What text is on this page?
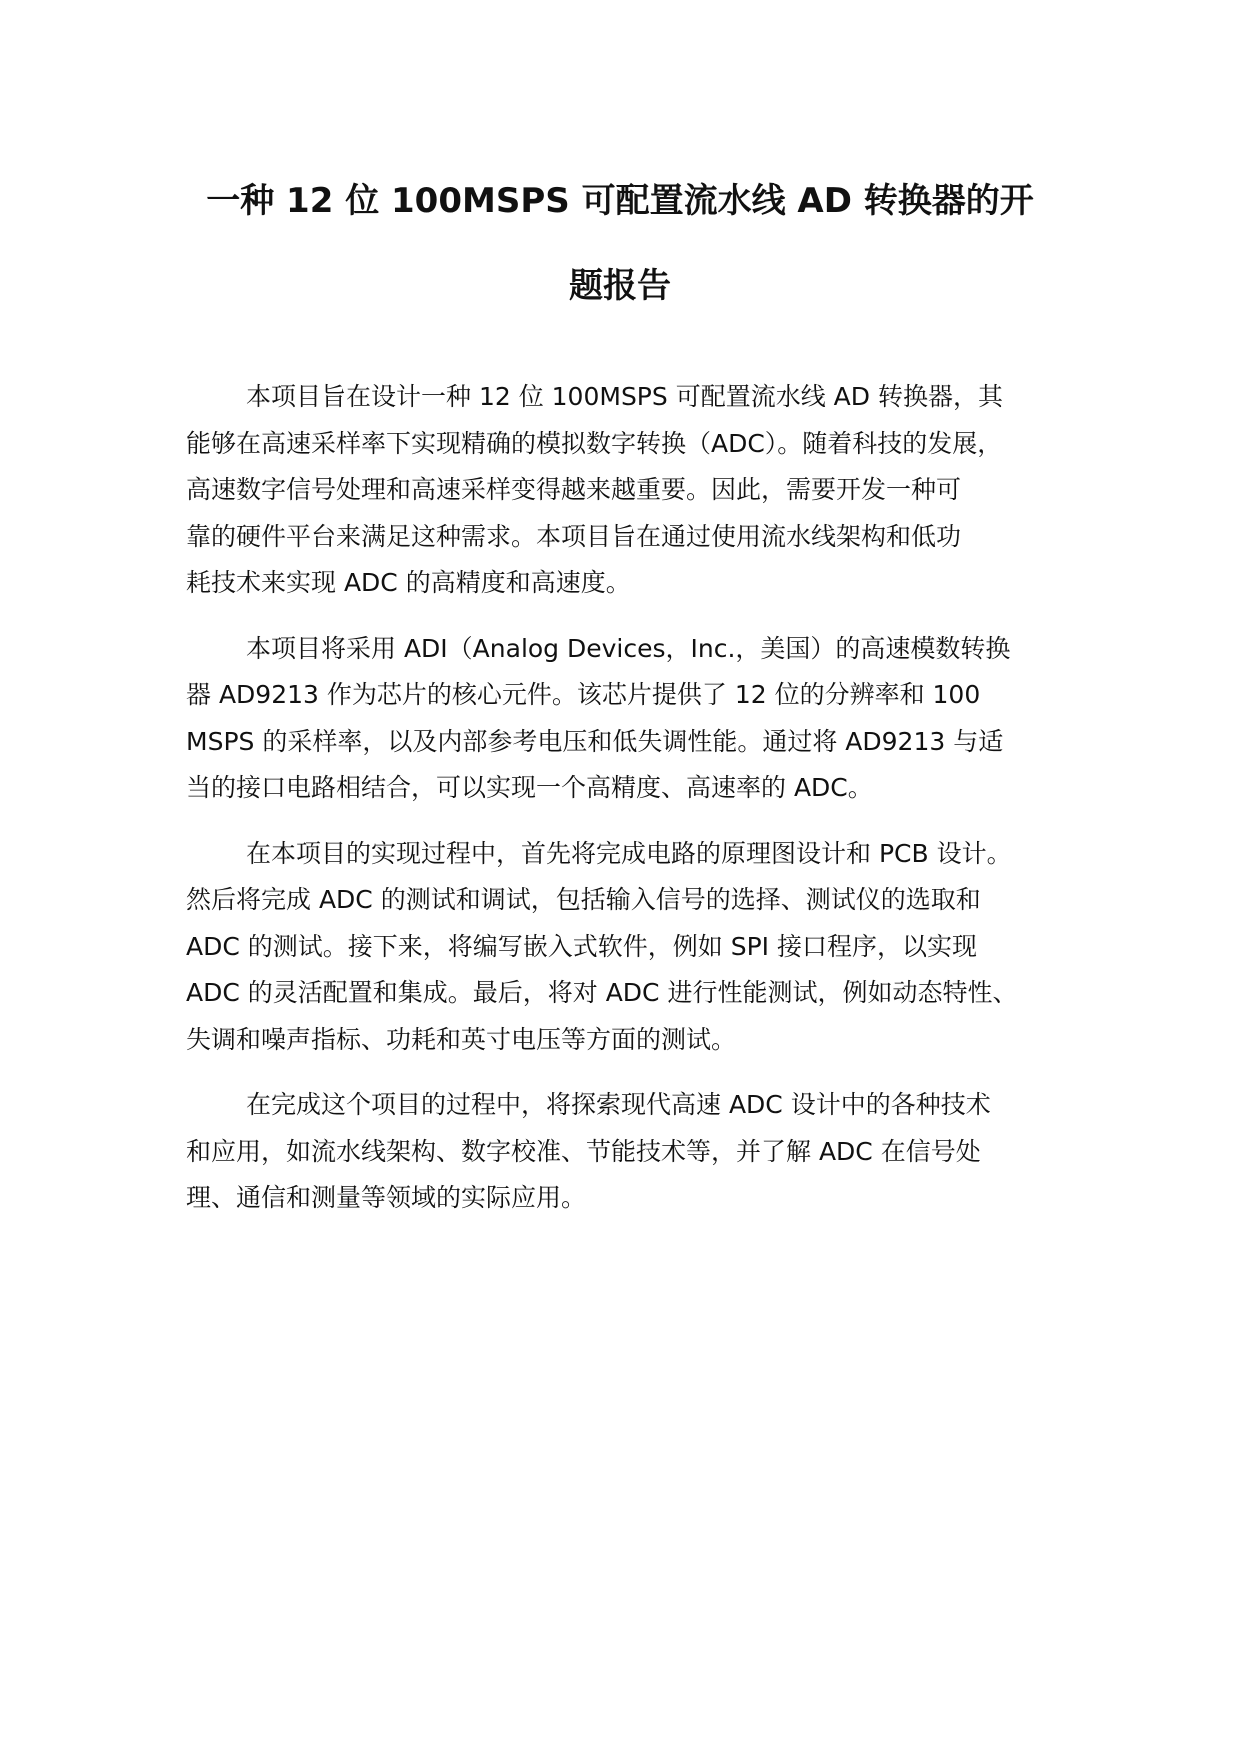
一种 12 位 100MSPS 可配置流水线 AD 转换器的开
题报告

本项目旨在设计一种 12 位 100MSPS 可配置流水线 AD 转换器，其
能够在高速采样率下实现精确的模拟数字转换（ADC）。随着科技的发展，
高速数字信号处理和高速采样变得越来越重要。因此，需要开发一种可
靠的硬件平台来满足这种需求。本项目旨在通过使用流水线架构和低功
耗技术来实现 ADC 的高精度和高速度。

本项目将采用 ADI（Analog Devices，Inc.，美国）的高速模数转换
器 AD9213 作为芯片的核心元件。该芯片提供了 12 位的分辨率和 100
MSPS 的采样率，以及内部参考电压和低失调性能。通过将 AD9213 与适
当的接口电路相结合，可以实现一个高精度、高速率的 ADC。

在本项目的实现过程中，首先将完成电路的原理图设计和 PCB 设计。
然后将完成 ADC 的测试和调试，包括输入信号的选择、测试仪的选取和
ADC 的测试。接下来，将编写嵌入式软件，例如 SPI 接口程序，以实现
ADC 的灵活配置和集成。最后，将对 ADC 进行性能测试，例如动态特性、
失调和噪声指标、功耗和英寸电压等方面的测试。

在完成这个项目的过程中，将探索现代高速 ADC 设计中的各种技术
和应用，如流水线架构、数字校准、节能技术等，并了解 ADC 在信号处
理、通信和测量等领域的实际应用。
